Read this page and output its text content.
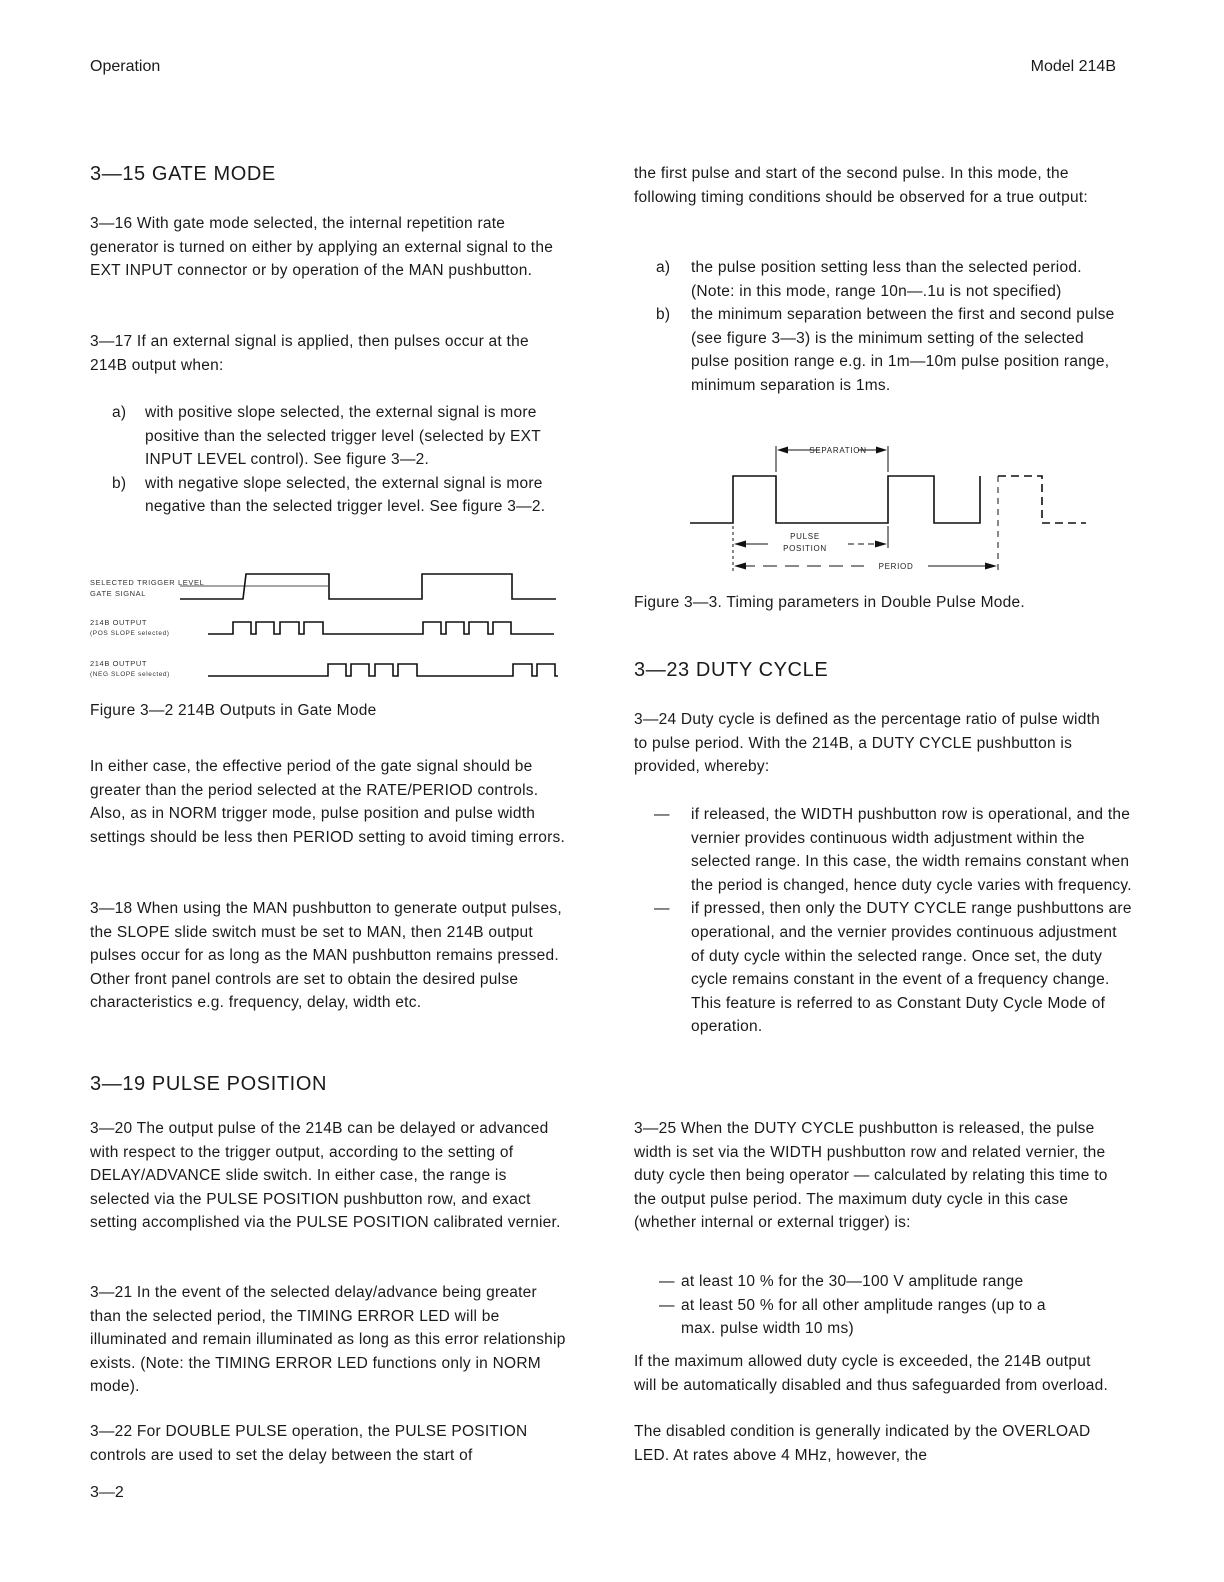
Operation	Model 214B
3—15 GATE MODE

3—16 With gate mode selected, the internal repetition rate generator is turned on either by applying an external signal to the EXT INPUT connector or by operation of the MAN pushbutton.

3—17 If an external signal is applied, then pulses occur at the 214B output when:

a) with positive slope selected, the external signal is more positive than the selected trigger level (selected by EXT INPUT LEVEL control). See figure 3—2.
b) with negative slope selected, the external signal is more negative than the selected trigger level. See figure 3—2.
SELECTED TRIGGER LEVEL
GATE SIGNAL
214B OUTPUT
(POS SLOPE selected)
214B OUTPUT
(NEG SLOPE selected)
Figure 3—2 214B Outputs in Gate Mode

In either case, the effective period of the gate signal should be greater than the period selected at the RATE/PERIOD controls. Also, as in NORM trigger mode, pulse position and pulse width settings should be less then PERIOD setting to avoid timing errors.

3—18 When using the MAN pushbutton to generate output pulses, the SLOPE slide switch must be set to MAN, then 214B output pulses occur for as long as the MAN pushbutton remains pressed. Other front panel controls are set to obtain the desired pulse characteristics e.g. frequency, delay, width etc.

3—19 PULSE POSITION

3—20 The output pulse of the 214B can be delayed or advanced with respect to the trigger output, according to the setting of DELAY/ADVANCE slide switch. In either case, the range is selected via the PULSE POSITION pushbutton row, and exact setting accomplished via the PULSE POSITION calibrated vernier.

3—21 In the event of the selected delay/advance being greater than the selected period, the TIMING ERROR LED will be illuminated and remain illuminated as long as this error relationship exists. (Note: the TIMING ERROR LED functions only in NORM mode).

3—22 For DOUBLE PULSE operation, the PULSE POSITION controls are used to set the delay between the start of

3—2

the first pulse and start of the second pulse. In this mode, the following timing conditions should be observed for a true output:

a) the pulse position setting less than the selected period. (Note: in this mode, range 10n—.1u is not specified)
b) the minimum separation between the first and second pulse (see figure 3—3) is the minimum setting of the selected pulse position range e.g. in 1m—10m pulse position range, minimum separation is 1ms.
SEPARATION
PULSE
POSITION
PERIOD
Figure 3—3. Timing parameters in Double Pulse Mode.
3—23 DUTY CYCLE

3—24 Duty cycle is defined as the percentage ratio of pulse width to pulse period. With the 214B, a DUTY CYCLE pushbutton is provided, whereby:

— if released, the WIDTH pushbutton row is operational, and the vernier provides continuous width adjustment within the selected range. In this case, the width remains constant when the period is changed, hence duty cycle varies with frequency.
— if pressed, then only the DUTY CYCLE range pushbuttons are operational, and the vernier provides continuous adjustment of duty cycle within the selected range. Once set, the duty cycle remains constant in the event of a frequency change. This feature is referred to as Constant Duty Cycle Mode of operation.

3—25 When the DUTY CYCLE pushbutton is released, the pulse width is set via the WIDTH pushbutton row and related vernier, the duty cycle then being operator — calculated by relating this time to the output pulse period. The maximum duty cycle in this case (whether internal or external trigger) is:

— at least 10 % for the 30—100 V amplitude range
— at least 50 % for all other amplitude ranges (up to a max. pulse width 10 ms)

If the maximum allowed duty cycle is exceeded, the 214B output will be automatically disabled and thus safeguarded from overload.

The disabled condition is generally indicated by the OVERLOAD LED. At rates above 4 MHz, however, the
